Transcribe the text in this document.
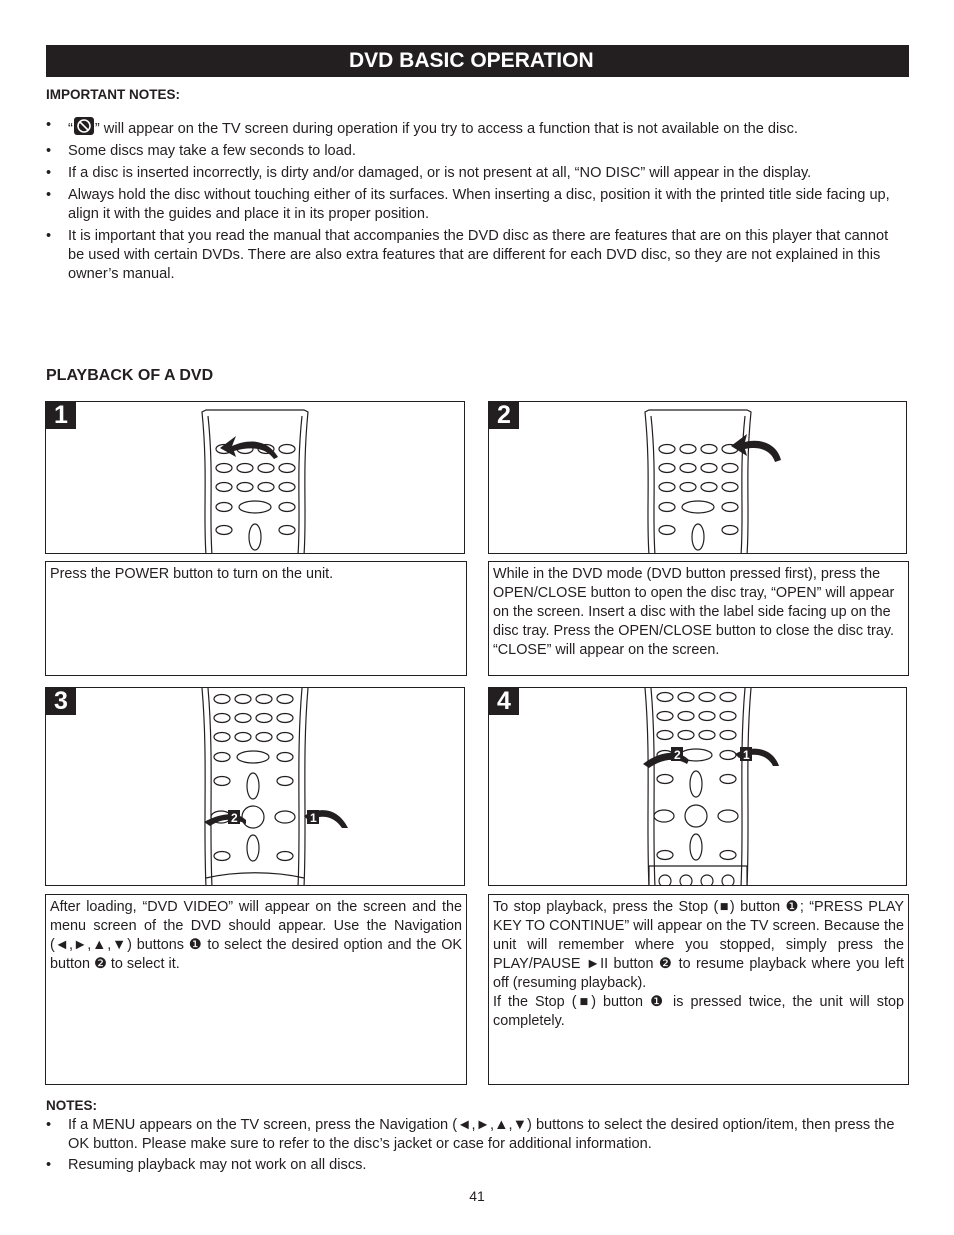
DVD BASIC OPERATION
IMPORTANT NOTES:
• “ ” will appear on the TV screen during operation if you try to access a function that is not available on the disc.
• Some discs may take a few seconds to load.
• If a disc is inserted incorrectly, is dirty and/or damaged, or is not present at all, “NO DISC” will appear in the display.
• Always hold the disc without touching either of its surfaces. When inserting a disc, position it with the printed title side facing up, align it with the guides and place it in its proper position.
• It is important that you read the manual that accompanies the DVD disc as there are features that are on this player that cannot be used with certain DVDs. There are also extra features that are different for each DVD disc, so they are not explained in this owner’s manual.
PLAYBACK OF A DVD
1	2
Press the POWER button to turn on the unit.	While in the DVD mode (DVD button pressed first), press the OPEN/CLOSE button to open the disc tray, “OPEN” will appear on the screen. Insert a disc with the label side facing up on the disc tray. Press the OPEN/CLOSE button to close the disc tray. “CLOSE” will appear on the screen.
3
2	1
4
2	1
After loading, “DVD VIDEO” will appear on the screen and the menu screen of the DVD should appear. Use the Navigation (◄,►,▲,▼) buttons ❶ to select the desired option and the OK button ❷ to select it.
To stop playback, press the Stop (■) button ❶; “PRESS PLAY KEY TO CONTINUE” will appear on the TV screen. Because the unit will remember where you stopped, simply press the PLAY/PAUSE ►II button ❷ to resume playback where you left off (resuming playback).
If the Stop (■) button ❶ is pressed twice, the unit will stop completely.
NOTES:
• If a MENU appears on the TV screen, press the Navigation (◄,►,▲,▼) buttons to select the desired option/item, then press the OK button. Please make sure to refer to the disc’s jacket or case for additional information.
• Resuming playback may not work on all discs.
41
